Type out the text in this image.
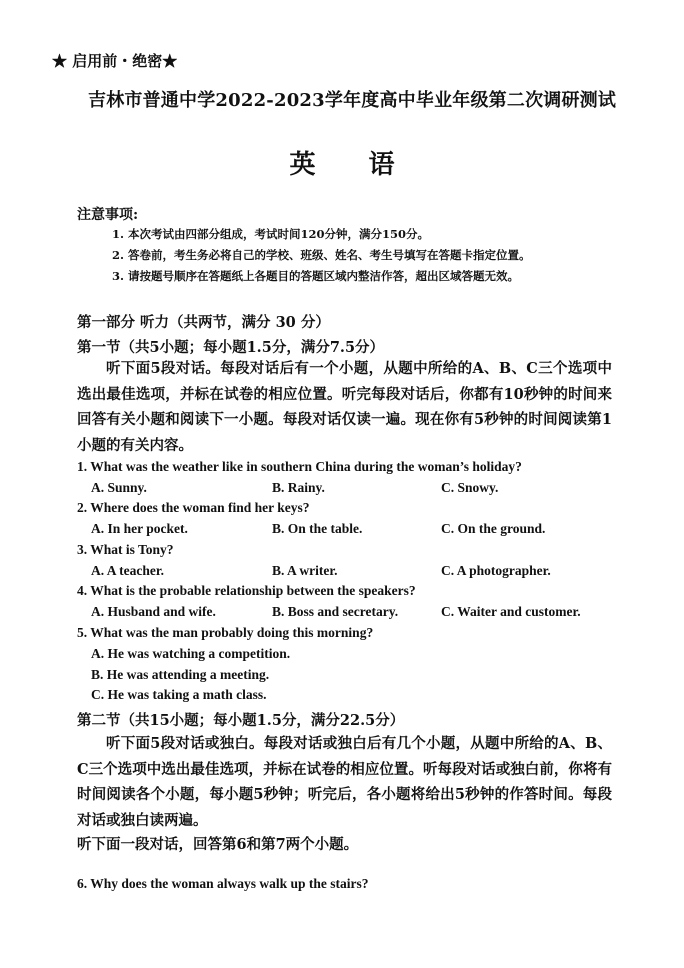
★ 启用前・绝密★
吉林市普通中学2022-2023学年度高中毕业年级第二次调研测试
英 语
注意事项:
1. 本次考试由四部分组成，考试时间120分钟，满分150分。
2. 答卷前，考生务必将自己的学校、班级、姓名、考生号填写在答题卡指定位置。
3. 请按题号顺序在答题纸上各题目的答题区域内整洁作答，超出区域答题无效。
第一部分 听力（共两节，满分 30 分）
第一节（共5小题；每小题1.5分，满分7.5分）
听下面5段对话。每段对话后有一个小题，从题中所给的A、B、C三个选项中选出最佳选项，并标在试卷的相应位置。听完每段对话后，你都有10秒钟的时间来回答有关小题和阅读下一小题。每段对话仅读一遍。现在你有5秒钟的时间阅读第1小题的有关内容。
1. What was the weather like in southern China during the woman’s holiday?
A. Sunny.	B. Rainy.	C. Snowy.
2. Where does the woman find her keys?
A. In her pocket.	B. On the table.	C. On the ground.
3. What is Tony?
A. A teacher.	B. A writer.	C. A photographer.
4. What is the probable relationship between the speakers?
A. Husband and wife.	B. Boss and secretary.	C. Waiter and customer.
5. What was the man probably doing this morning?
A. He was watching a competition.
B. He was attending a meeting.
C. He was taking a math class.
第二节（共15小题；每小题1.5分，满分22.5分）
听下面5段对话或独白。每段对话或独白后有几个小题，从题中所给的A、B、C三个选项中选出最佳选项，并标在试卷的相应位置。听每段对话或独白前，你将有时间阅读各个小题，每小题5秒钟；听完后，各小题将给出5秒钟的作答时间。每段对话或独白读两遍。
听下面一段对话，回答第6和第7两个小题。
6. Why does the woman always walk up the stairs?
